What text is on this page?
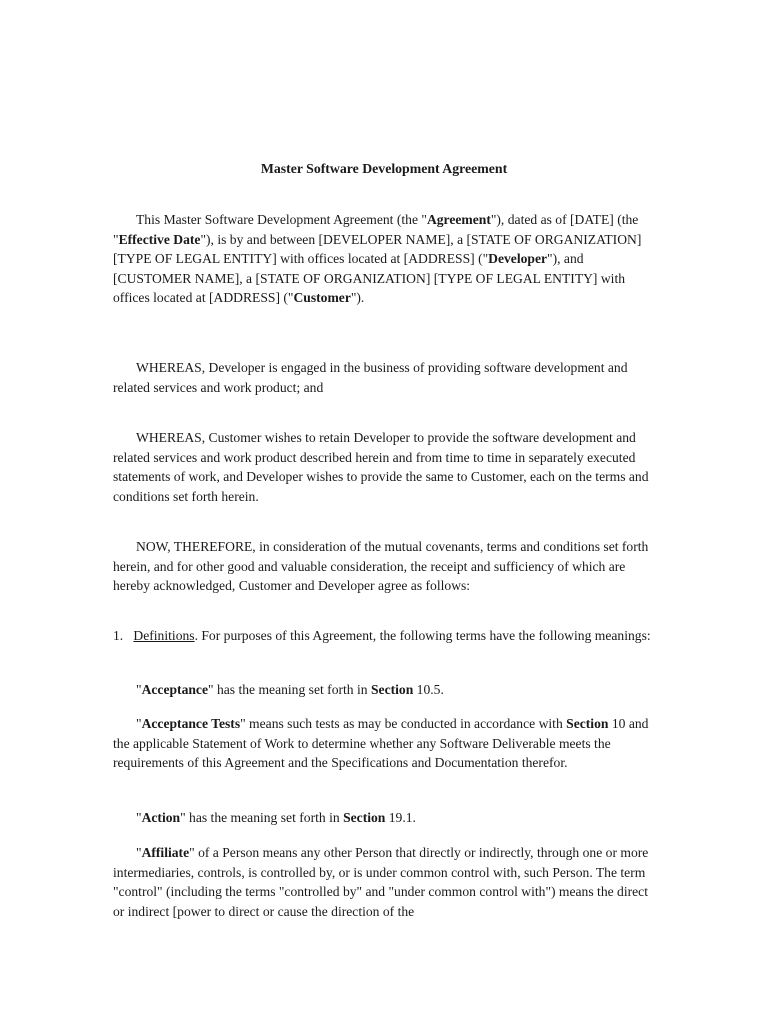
Master Software Development Agreement
This Master Software Development Agreement (the "Agreement"), dated as of [DATE] (the "Effective Date"), is by and between [DEVELOPER NAME], a [STATE OF ORGANIZATION] [TYPE OF LEGAL ENTITY] with offices located at [ADDRESS] ("Developer"), and [CUSTOMER NAME], a [STATE OF ORGANIZATION] [TYPE OF LEGAL ENTITY] with offices located at [ADDRESS] ("Customer").
WHEREAS, Developer is engaged in the business of providing software development and related services and work product; and
WHEREAS, Customer wishes to retain Developer to provide the software development and related services and work product described herein and from time to time in separately executed statements of work, and Developer wishes to provide the same to Customer, each on the terms and conditions set forth herein.
NOW, THEREFORE, in consideration of the mutual covenants, terms and conditions set forth herein, and for other good and valuable consideration, the receipt and sufficiency of which are hereby acknowledged, Customer and Developer agree as follows:
1. Definitions. For purposes of this Agreement, the following terms have the following meanings:
"Acceptance" has the meaning set forth in Section 10.5.
"Acceptance Tests" means such tests as may be conducted in accordance with Section 10 and the applicable Statement of Work to determine whether any Software Deliverable meets the requirements of this Agreement and the Specifications and Documentation therefor.
"Action" has the meaning set forth in Section 19.1.
"Affiliate" of a Person means any other Person that directly or indirectly, through one or more intermediaries, controls, is controlled by, or is under common control with, such Person. The term "control" (including the terms "controlled by" and "under common control with") means the direct or indirect [power to direct or cause the direction of the
